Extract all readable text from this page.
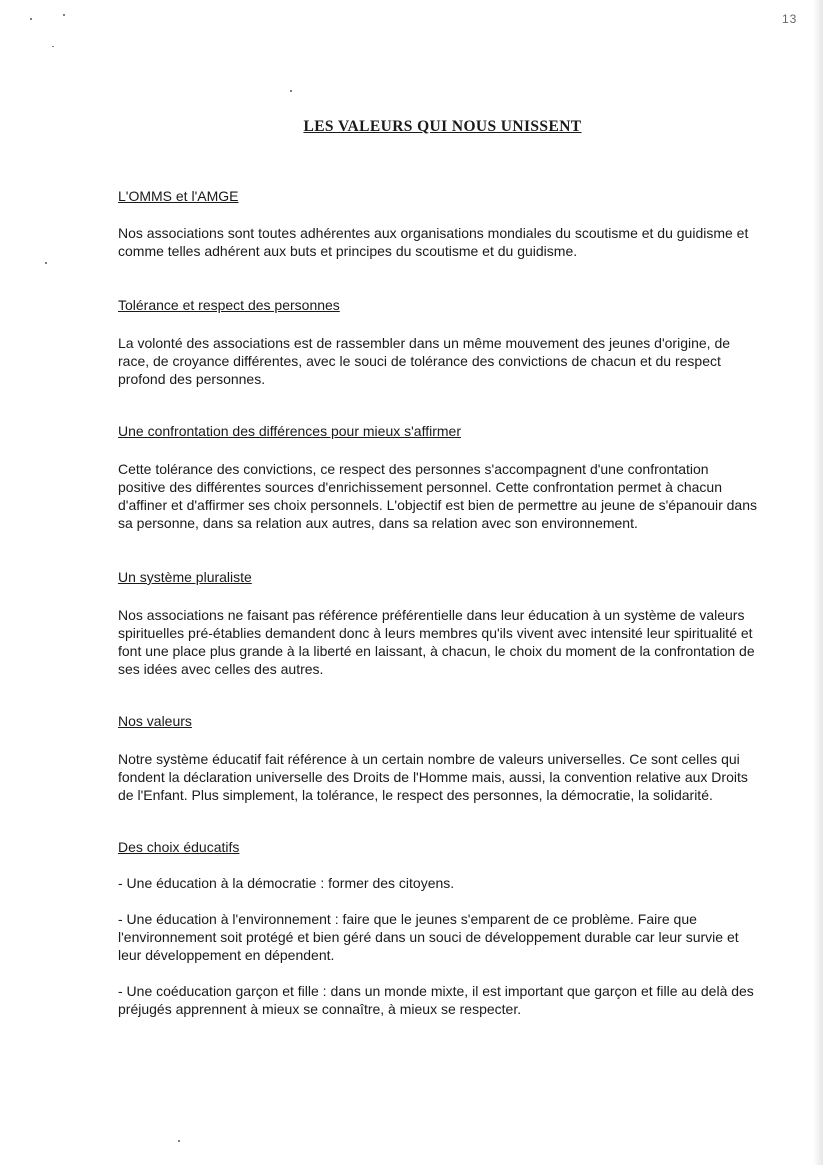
13
LES VALEURS QUI NOUS UNISSENT
L'OMMS et l'AMGE

Nos associations sont toutes adhérentes aux organisations mondiales du scoutisme et du guidisme et comme telles adhérent aux buts et principes du scoutisme et du guidisme.

Tolérance et respect des personnes

La volonté des associations est de rassembler dans un même mouvement des jeunes d'origine, de race, de croyance différentes, avec le souci de tolérance des convictions de chacun et du respect profond des personnes.

Une confrontation des différences pour mieux s'affirmer

Cette tolérance des convictions, ce respect des personnes s'accompagnent d'une confrontation positive des différentes sources d'enrichissement personnel. Cette confrontation permet à chacun d'affiner et d'affirmer ses choix personnels. L'objectif est bien de permettre au jeune de s'épanouir dans sa personne, dans sa relation aux autres, dans sa relation avec son environnement.

Un système pluraliste

Nos associations ne faisant pas référence préférentielle dans leur éducation à un système de valeurs spirituelles pré-établies demandent donc à leurs membres qu'ils vivent avec intensité leur spiritualité et font une place plus grande à la liberté en laissant, à chacun, le choix du moment de la confrontation de ses idées avec celles des autres.

Nos valeurs

Notre système éducatif fait référence à un certain nombre de valeurs universelles. Ce sont celles qui fondent la déclaration universelle des Droits de l'Homme mais, aussi, la convention relative aux Droits de l'Enfant. Plus simplement, la tolérance, le respect des personnes, la démocratie, la solidarité.

Des choix éducatifs

- Une éducation à la démocratie : former des citoyens.

- Une éducation à l'environnement : faire que le jeunes s'emparent de ce problème. Faire que l'environnement soit protégé et bien géré dans un souci de développement durable car leur survie et leur développement en dépendent.

- Une coéducation garçon et fille : dans un monde mixte, il est important que garçon et fille au delà des préjugés apprennent à mieux se connaître, à mieux se respecter.
